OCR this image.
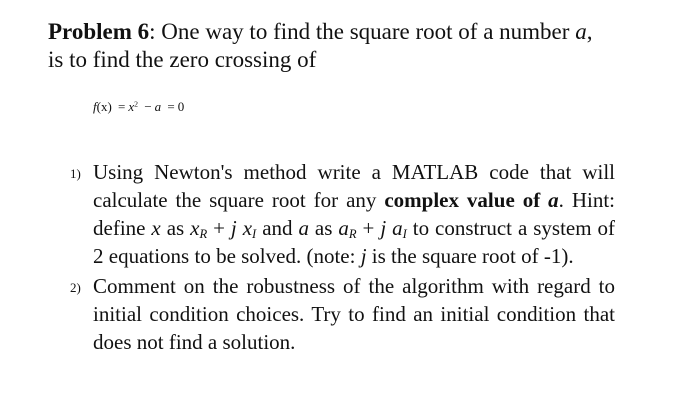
Problem 6: One way to find the square root of a number a,
is to find the zero crossing of
$f(x) = x^2 - a = 0$
1) Using Newton's method write a MATLAB code that will calculate the square root for any complex value of a. Hint: define x as $x_R + j$ $x_I$ and a as $a_R + j$ $a_I$ to construct a system of 2 equations to be solved. (note: j is the square root of -1).
2) Comment on the robustness of the algorithm with regard to initial condition choices. Try to find an initial condition that does not find a solution.
